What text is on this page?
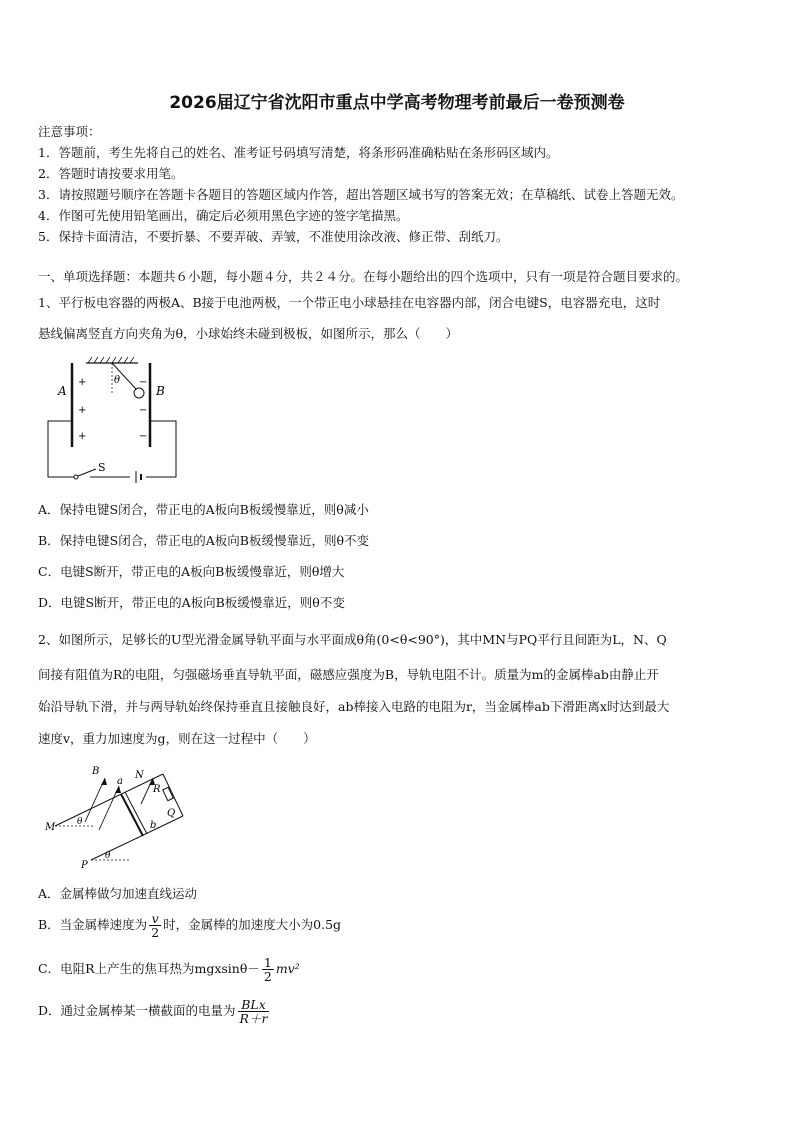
2026届辽宁省沈阳市重点中学高考物理考前最后一卷预测卷
注意事项：
1．答题前，考生先将自己的姓名、准考证号码填写清楚，将条形码准确粘贴在条形码区域内。
2．答题时请按要求用笔。
3．请按照题号顺序在答题卡各题目的答题区域内作答，超出答题区域书写的答案无效；在草稿纸、试卷上答题无效。
4．作图可先使用铅笔画出，确定后必须用黑色字迹的签字笔描黑。
5．保持卡面清洁，不要折暴、不要弄破、弄皱，不准使用涂改液、修正带、刮纸刀。
一、单项选择题：本题共６小题，每小题４分，共２４分。在每小题给出的四个选项中，只有一项是符合题目要求的。
1、平行板电容器的两极A、B接于电池两极，一个带正电小球悬挂在电容器内部，闭合电键S，电容器充电，这时
悬线偏离竖直方向夹角为θ，小球始终未碰到极板，如图所示，那么（　　）
A	B
S
θ
+
+
+
−
−
−
A．保持电键S闭合，带正电的A板向B板缓慢靠近，则θ减小
B．保持电键S闭合，带正电的A板向B板缓慢靠近，则θ不变
C．电键S断开，带正电的A板向B板缓慢靠近，则θ增大
D．电键S断开，带正电的A板向B板缓慢靠近，则θ不变
2、如图所示，足够长的U型光滑金属导轨平面与水平面成θ角(0<θ<90°)，其中MN与PQ平行且间距为L，N、Q
间接有阻值为R的电阻，匀强磁场垂直导轨平面，磁感应强度为B，导轨电阻不计。质量为m的金属棒ab由静止开
始沿导轨下滑，并与两导轨始终保持垂直且接触良好，ab棒接入电路的电阻为r，当金属棒ab下滑距离x时达到最大
速度v，重力加速度为g，则在这一过程中（　　）
B
a
N
R
Q
M	b
P
θ
θ
A．金属棒做匀加速直线运动
B．当金属棒速度为 $\frac{v}{2}$ 时，金属棒的加速度大小为0.5g
C．电阻R上产生的焦耳热为$mgxsin\theta- \frac{1}{2} mv^2$
D．通过金属棒某一横截面的电量为 $\frac{\text{BLx}}{R+r}$
